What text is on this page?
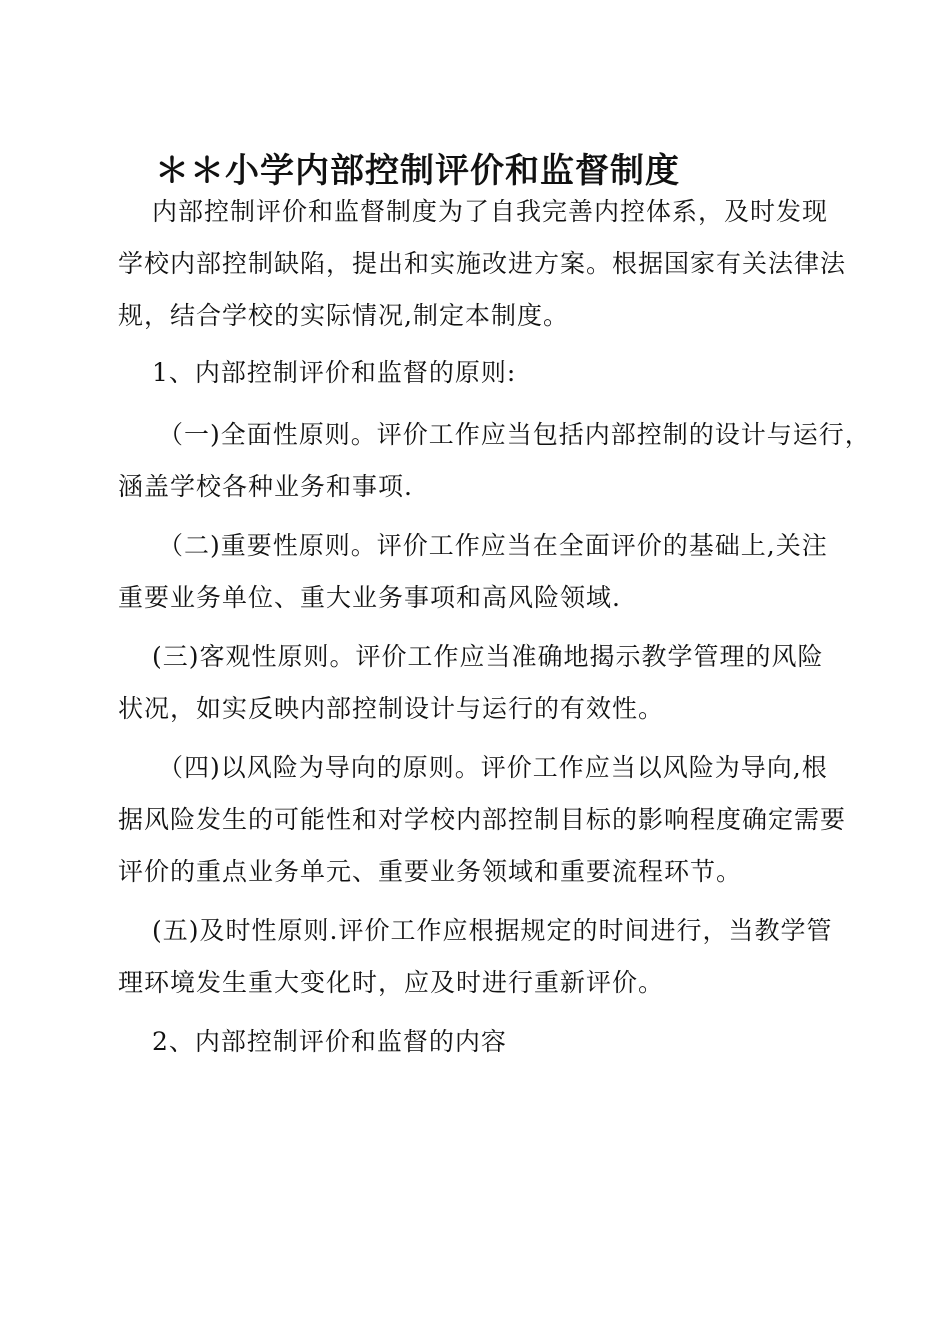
＊＊小学内部控制评价和监督制度

内部控制评价和监督制度为了自我完善内控体系，及时发现
学校内部控制缺陷，提出和实施改进方案。根据国家有关法律法
规，结合学校的实际情况,制定本制度。

1、内部控制评价和监督的原则:

（一)全面性原则。评价工作应当包括内部控制的设计与运行，
涵盖学校各种业务和事项.

（二)重要性原则。评价工作应当在全面评价的基础上,关注
重要业务单位、重大业务事项和高风险领域.

(三)客观性原则。评价工作应当准确地揭示教学管理的风险
状况，如实反映内部控制设计与运行的有效性。

（四)以风险为导向的原则。评价工作应当以风险为导向,根
据风险发生的可能性和对学校内部控制目标的影响程度确定需要
评价的重点业务单元、重要业务领域和重要流程环节。

(五)及时性原则.评价工作应根据规定的时间进行，当教学管
理环境发生重大变化时，应及时进行重新评价。

2、内部控制评价和监督的内容
